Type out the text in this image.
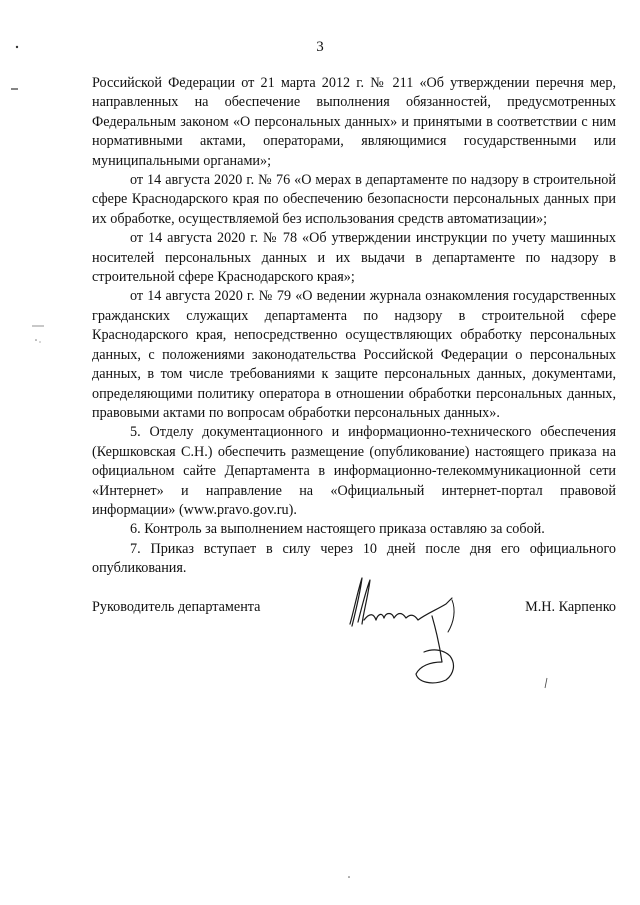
3

Российской Федерации от 21 марта 2012 г. № 211 «Об утверждении перечня мер, направленных на обеспечение выполнения обязанностей, предусмотренных Федеральным законом «О персональных данных» и принятыми в соответствии с ним нормативными актами, операторами, являющимися государственными или муниципальными органами»;

от 14 августа 2020 г. № 76 «О мерах в департаменте по надзору в строительной сфере Краснодарского края по обеспечению безопасности персональных данных при их обработке, осуществляемой без использования средств автоматизации»;

от 14 августа 2020 г. № 78 «Об утверждении инструкции по учету машинных носителей персональных данных и их выдачи в департаменте по надзору в строительной сфере Краснодарского края»;

от 14 августа 2020 г. № 79 «О ведении журнала ознакомления государственных гражданских служащих департамента по надзору в строительной сфере Краснодарского края, непосредственно осуществляющих обработку персональных данных, с положениями законодательства Российской Федерации о персональных данных, в том числе требованиями к защите персональных данных, документами, определяющими политику оператора в отношении обработки персональных данных, правовыми актами по вопросам обработки персональных данных».

5. Отделу документационного и информационно-технического обеспечения (Кершковская С.Н.) обеспечить размещение (опубликование) настоящего приказа на официальном сайте Департамента в информационно-телекоммуникационной сети «Интернет» и направление на «Официальный интернет-портал правовой информации» (www.pravo.gov.ru).

6. Контроль за выполнением настоящего приказа оставляю за собой.

7. Приказ вступает в силу через 10 дней после дня его официального опубликования.

Руководитель департамента	М.Н. Карпенко
